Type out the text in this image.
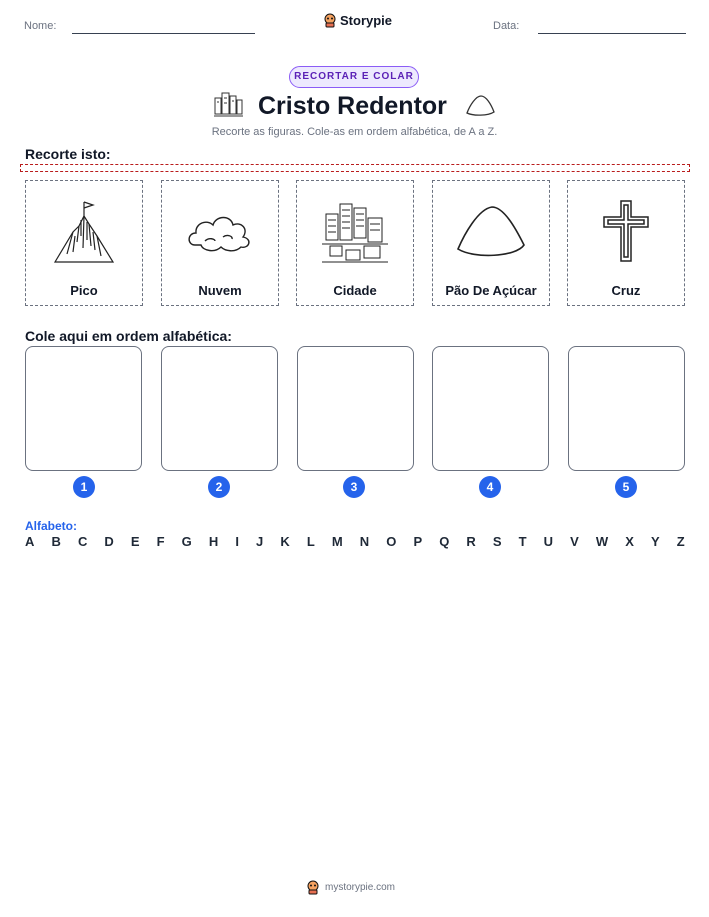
Nome:	Storypie	Data:
RECORTAR E COLAR
Cristo Redentor
Recorte as figuras. Cole-as em ordem alfabética, de A a Z.
Recorte isto:
Pico	Nuvem	Cidade	Pão De Açúcar	Cruz
Cole aqui em ordem alfabética:
1	2	3	4	5
Alfabeto:
A B C D E F G H I J K L M N O P Q R S T U V W X Y Z
mystorypie.com
